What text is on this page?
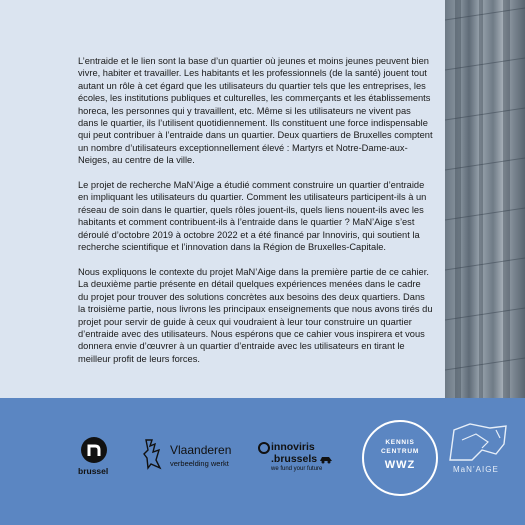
L’entraide et le lien sont la base d’un quartier où jeunes et moins jeunes peuvent bien vivre, habiter et travailler. Les habitants et les professionnels (de la santé) jouent tout autant un rôle à cet égard que les utilisateurs du quartier tels que les entreprises, les écoles, les institutions publiques et culturelles, les commerçants et les établissements horeca, les personnes qui y travaillent, etc. Même si les utilisateurs ne vivent pas dans le quartier, ils l’utilisent quotidiennement. Ils constituent une force indispensable qui peut contribuer à l’entraide dans un quartier. Deux quartiers de Bruxelles comptent un nombre d’utilisateurs exceptionnellement élevé : Martyrs et Notre-Dame-aux-Neiges, au centre de la ville.

Le projet de recherche MaN’Aige a étudié comment construire un quartier d’entraide en impliquant les utilisateurs du quartier. Comment les utilisateurs participent-ils à un réseau de soin dans le quartier, quels rôles jouent-ils, quels liens nouent-ils avec les habitants et comment contribuent-ils à l’entraide dans le quartier ? MaN’Aige s’est déroulé d’octobre 2019 à octobre 2022 et a été financé par Innoviris, qui soutient la recherche scientifique et l’innovation dans la Région de Bruxelles-Capitale.

Nous expliquons le contexte du projet MaN’Aige dans la première partie de ce cahier. La deuxième partie présente en détail quelques expériences menées dans le cadre du projet pour trouver des solutions concrètes aux besoins des deux quartiers. Dans la troisième partie, nous livrons les principaux enseignements que nous avons tirés du projet pour servir de guide à ceux qui voudraient à leur tour construire un quartier d’entraide avec des utilisateurs. Nous espérons que ce cahier vous inspirera et vous donnera envie d’œuvrer à un quartier d’entraide avec les utilisateurs en tirant le meilleur profit de leurs forces.

brussel
Vlaanderen
verbeelding werkt
innoviris
.brussels
we fund your future
KENNIS
CENTRUM
WWZ	MaN’AIGE
